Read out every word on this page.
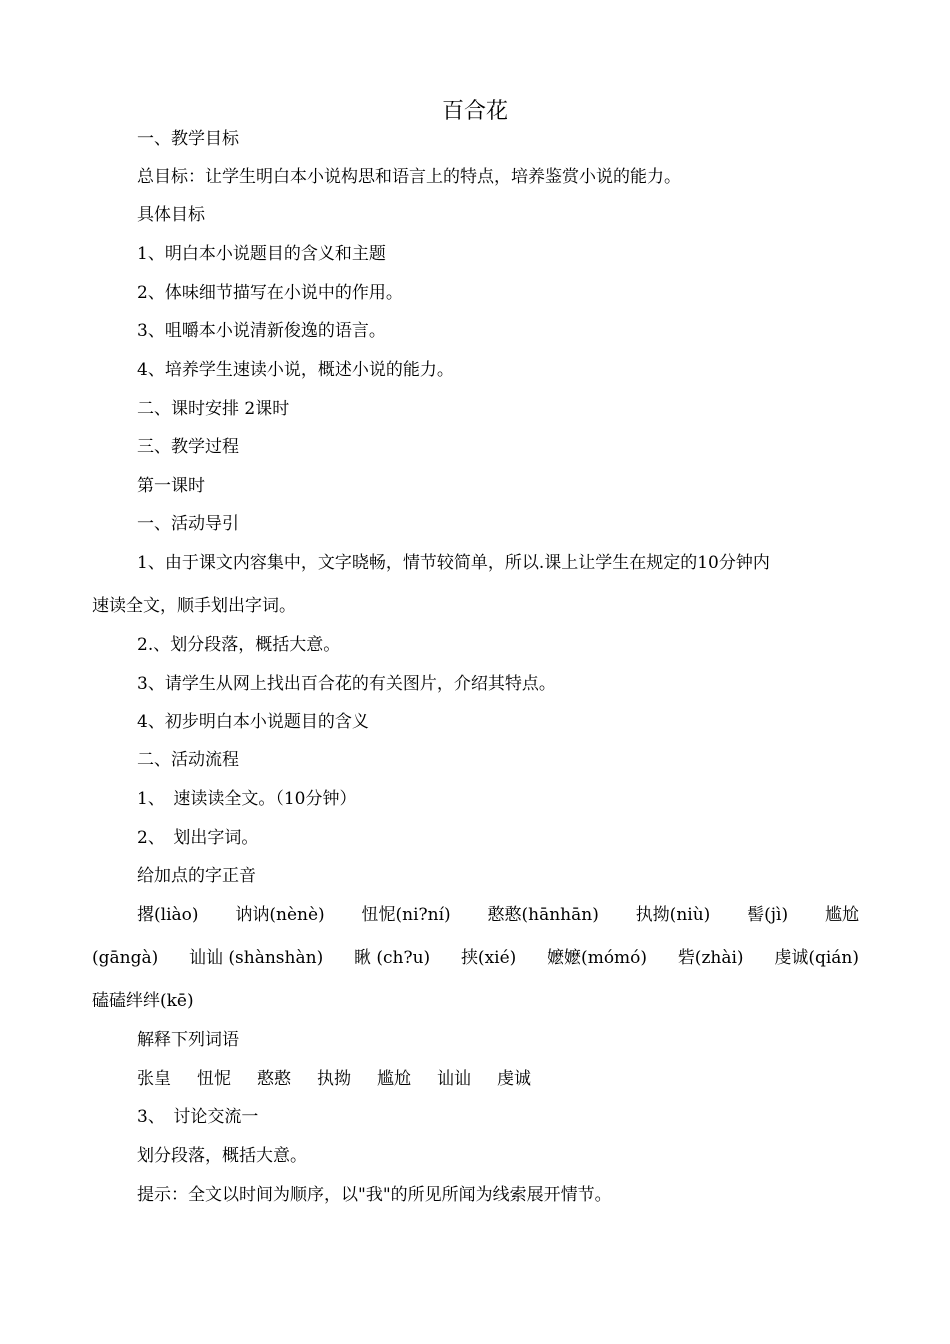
百合花
一、教学目标
总目标：让学生明白本小说构思和语言上的特点，培养鉴赏小说的能力。
具体目标
1、明白本小说题目的含义和主题
2、体味细节描写在小说中的作用。
3、咀嚼本小说清新俊逸的语言。
4、培养学生速读小说，概述小说的能力。
二、课时安排 2课时
三、教学过程
第一课时
一、活动导引
1、由于课文内容集中，文字晓畅，情节较简单，所以.课上让学生在规定的10分钟内
速读全文，顺手划出字词。
2.、划分段落，概括大意。
3、请学生从网上找出百合花的有关图片，介绍其特点。
4、初步明白本小说题目的含义
二、活动流程
1、　速读读全文。（10分钟）
2、　划出字词。
给加点的字正音
撂(liào) 讷讷(nènè) 忸怩(ni?ní) 憨憨(hānhān) 执拗(niù) 髻(jì) 尴尬
(gāngà) 讪讪 (shànshàn) 瞅 (ch?u) 挟(xié) 嬷嬷(mómó) 砦(zhài) 虔诚(qián)
磕磕绊绊(kē)
解释下列词语
张皇 忸怩 憨憨 执拗 尴尬 讪讪 虔诚
3、　讨论交流一
划分段落，概括大意。
提示：全文以时间为顺序，以"我"的所见所闻为线索展开情节。
